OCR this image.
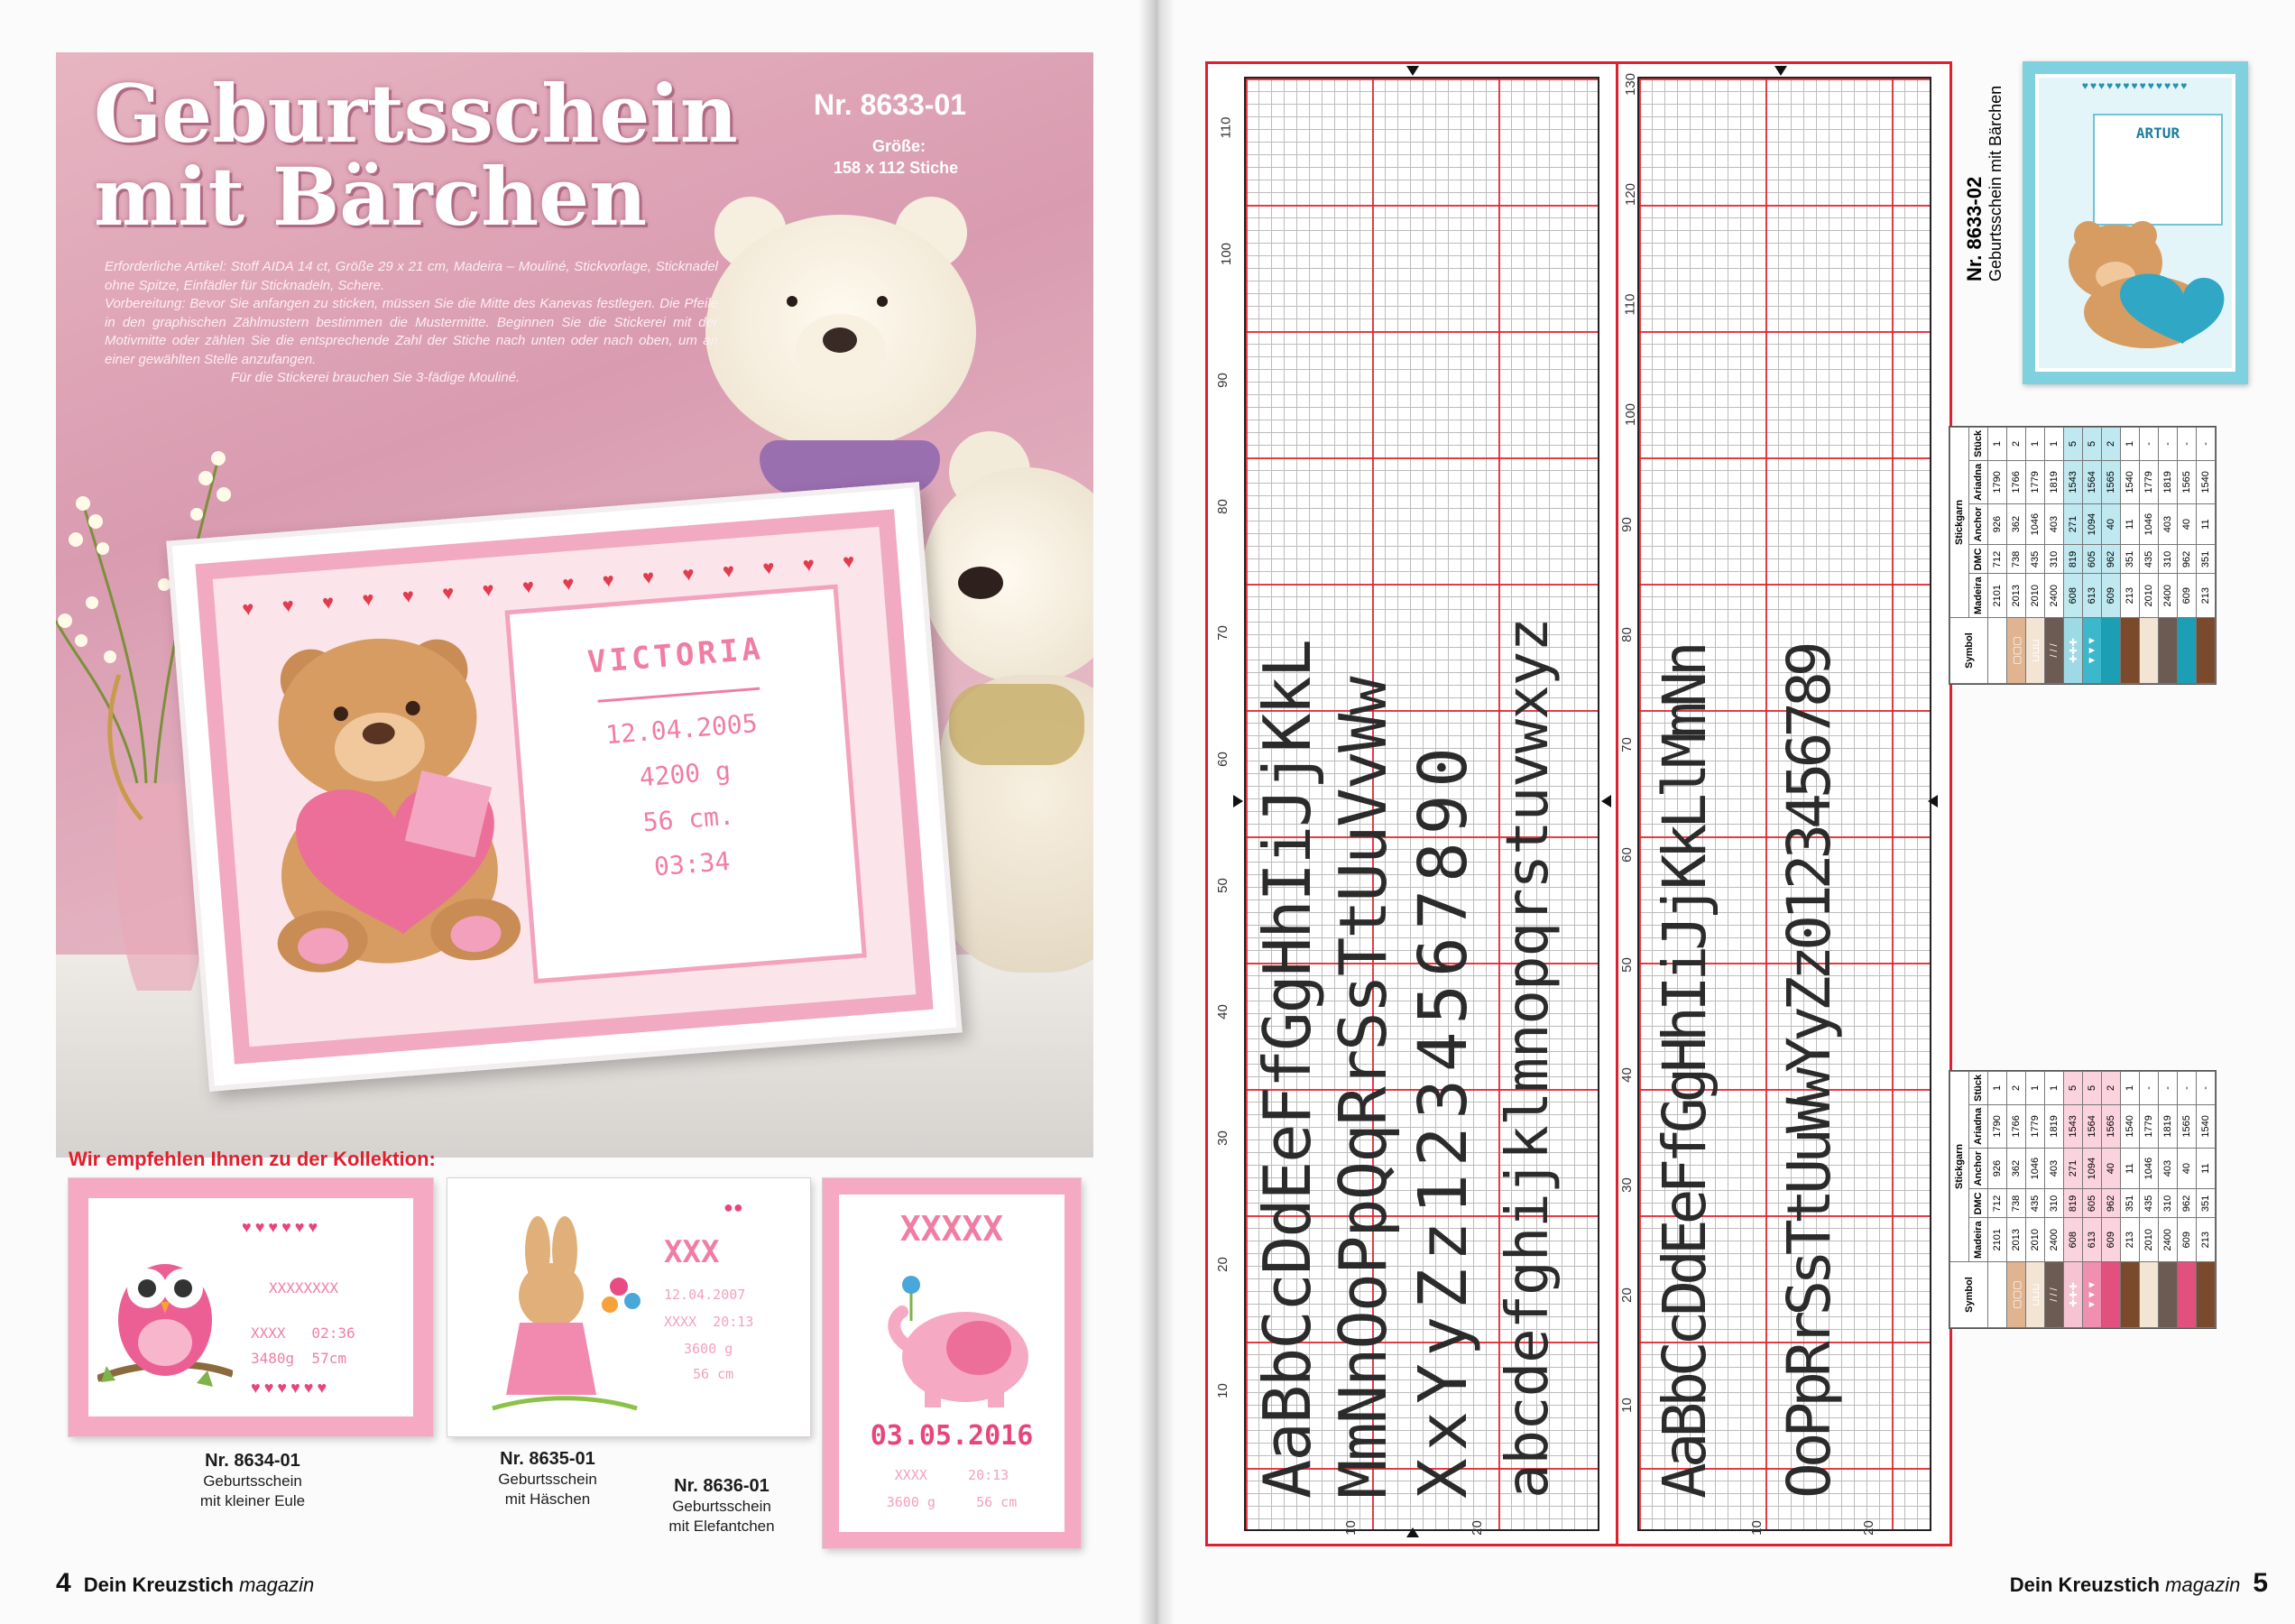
Geburtsschein
mit Bärchen
Nr. 8633-01
Größe:
158 x 112 Stiche

Erforderliche Artikel: Stoff AIDA 14 ct, Größe 29 x 21 cm, Madeira – Mouliné, Stickvorlage, Sticknadel ohne Spitze, Einfädler für Sticknadeln, Schere.

Vorbereitung: Bevor Sie anfangen zu sticken, müssen Sie die Mitte des Kanevas festlegen. Die Pfeile in den graphischen Zählmustern bestimmen die Mustermitte. Beginnen Sie die Stickerei mit der Motivmitte oder zählen Sie die entsprechende Zahl der Stiche nach unten oder nach oben, um an einer gewählten Stelle anzufangen.

Für die Stickerei brauchen Sie 3-fädige Mouliné.

♥ ♥ ♥ ♥ ♥ ♥ ♥ ♥ ♥ ♥ ♥ ♥ ♥ ♥ ♥ ♥
VICTORIA
12.04.2005
4200 g
56 cm.
03:34
Wir empfehlen Ihnen zu der Kollektion:
♥♥♥♥♥♥
XXXXXXXX
XXXX   02:36
3480g  57cm
♥♥♥♥♥♥
Nr. 8634-01
Geburtsschein
mit kleiner Eule
●●
XXX
12.04.2007
XXXX  20:13
3600 g
56 cm
Nr. 8635-01
Geburtsschein
mit Häschen
XXXXX
03.05.2016
XXXX     20:13
3600 g     56 cm
Nr. 8636-01
Geburtsschein
mit Elefantchen
4 Dein Kreuzstich magazin
AaBbCcDdEeFfGgHhIiJjKkL MmNnOoPpQqRrSsTtUuVvWw XxYyZz1234567890 abcdefghijklmnopqrstuvwxyz AaBbCcDdEeFfGgHhIiJjKkLlMmNn OoPpRrSsTtUuWwYyZz0123456789
10
20
30
40
50
60
70
80
90
100
110
10
20
30
40
50
60
70
80
90
100
110
120
130
10	20	10	20
♥♥♥♥♥♥♥♥♥♥♥♥♥
ARTUR
Nr. 8633-02 Geburtsschein mit Bärchen
Symbol	Stickgarn				
	Madeira	DMC	Anchor	Ariadna	Stück
• • •	2101	712	926	1790	1
▢▢▢	2013	738	362	1766	2
⊔⊔⊔	2010	435	1046	1779	1
/ / /	2400	310	403	1819	1
✚✚✚	608	819	271	1543	5
▼▼▼	613	605	1094	1564	5
	609	962	40	1565	2
	213	351	11	1540	1
	2010	435	1046	1779	-
	2400	310	403	1819	-
	609	962	40	1565	-
	213	351	11	1540	-
Symbol	Stickgarn				
	Madeira	DMC	Anchor	Ariadna	Stück
• • •	2101	712	926	1790	1
▢▢▢	2013	738	362	1766	2
⊔⊔⊔	2010	435	1046	1779	1
/ / /	2400	310	403	1819	1
✚✚✚	608	819	271	1543	5
▼▼▼	613	605	1094	1564	5
	609	962	40	1565	2
	213	351	11	1540	1
	2010	435	1046	1779	-
	2400	310	403	1819	-
	609	962	40	1565	-
	213	351	11	1540	-
Dein Kreuzstich magazin 5
